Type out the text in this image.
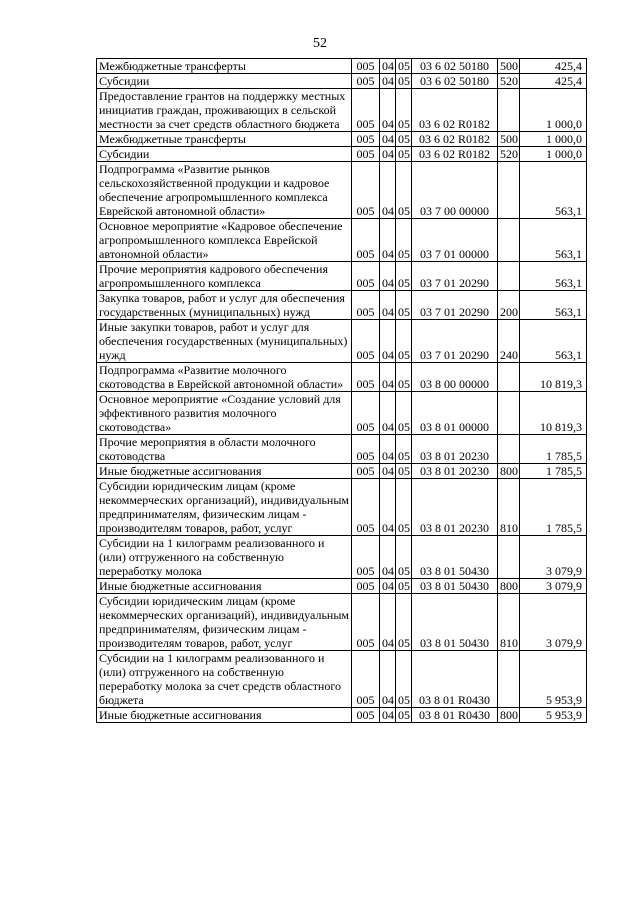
52
Межбюджетные трансферты	005	04	05	03 6 02 50180	500	425,4
Субсидии	005	04	05	03 6 02 50180	520	425,4
Предоставление грантов на поддержку местных инициатив граждан, проживающих в сельской местности за счет средств областного бюджета	005	04	05	03 6 02 R0182		1 000,0
Межбюджетные трансферты	005	04	05	03 6 02 R0182	500	1 000,0
Субсидии	005	04	05	03 6 02 R0182	520	1 000,0
Подпрограмма «Развитие рынков сельскохозяйственной продукции и кадровое обеспечение агропромышленного комплекса Еврейской автономной области»	005	04	05	03 7 00 00000		563,1
Основное мероприятие «Кадровое обеспечение агропромышленного комплекса Еврейской автономной области»	005	04	05	03 7 01 00000		563,1
Прочие мероприятия кадрового обеспечения агропромышленного комплекса	005	04	05	03 7 01 20290		563,1
Закупка товаров, работ и услуг для обеспечения государственных (муниципальных) нужд	005	04	05	03 7 01 20290	200	563,1
Иные закупки товаров, работ и услуг для обеспечения государственных (муниципальных) нужд	005	04	05	03 7 01 20290	240	563,1
Подпрограмма «Развитие молочного скотоводства в Еврейской автономной области»	005	04	05	03 8 00 00000		10 819,3
Основное мероприятие «Создание условий для эффективного развития молочного скотоводства»	005	04	05	03 8 01 00000		10 819,3
Прочие мероприятия в области молочного скотоводства	005	04	05	03 8 01 20230		1 785,5
Иные бюджетные ассигнования	005	04	05	03 8 01 20230	800	1 785,5
Субсидии юридическим лицам (кроме некоммерческих организаций), индивидуальным предпринимателям, физическим лицам - производителям товаров, работ, услуг	005	04	05	03 8 01 20230	810	1 785,5
Субсидии на 1 килограмм реализованного и (или) отгруженного на собственную переработку молока	005	04	05	03 8 01 50430		3 079,9
Иные бюджетные ассигнования	005	04	05	03 8 01 50430	800	3 079,9
Субсидии юридическим лицам (кроме некоммерческих организаций), индивидуальным предпринимателям, физическим лицам - производителям товаров, работ, услуг	005	04	05	03 8 01 50430	810	3 079,9
Субсидии на 1 килограмм реализованного и (или) отгруженного на собственную переработку молока за счет средств областного бюджета	005	04	05	03 8 01 R0430		5 953,9
Иные бюджетные ассигнования	005	04	05	03 8 01 R0430	800	5 953,9
